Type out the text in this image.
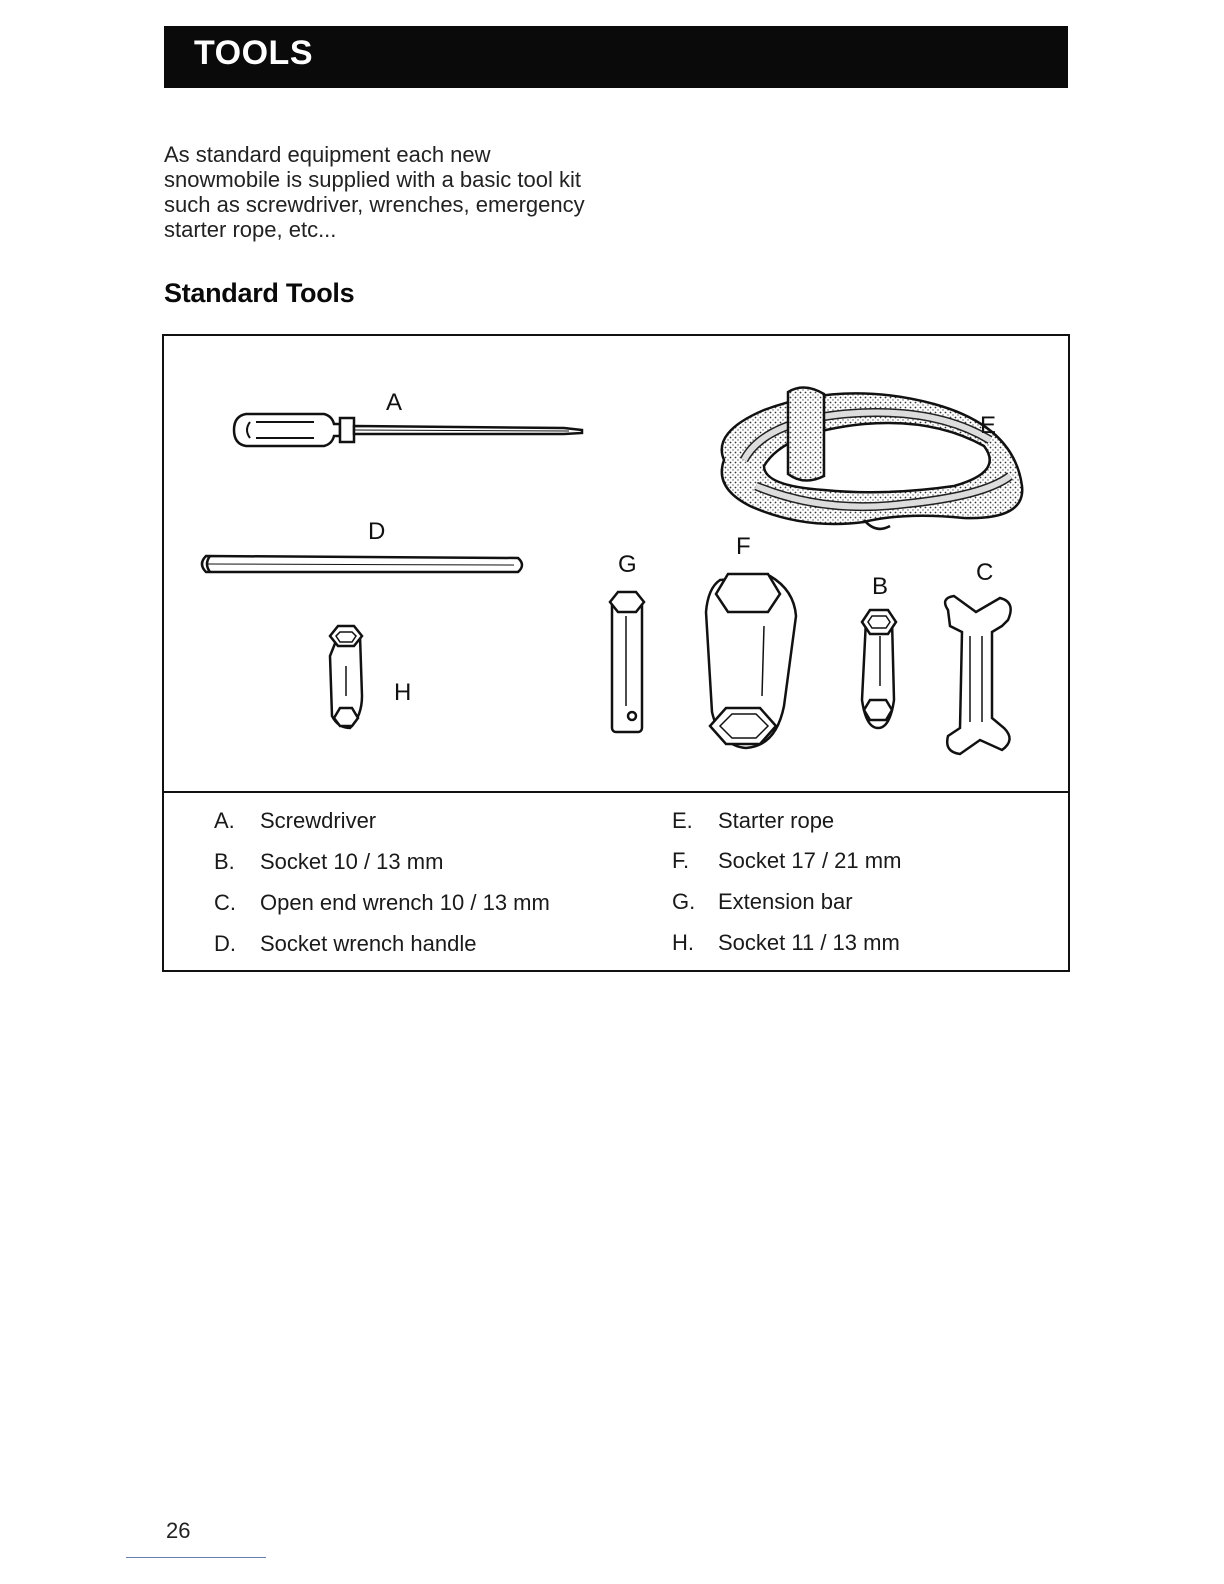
TOOLS

As standard equipment each new snowmobile is supplied with a basic tool kit such as screwdriver, wrenches, emergency starter rope, etc...

Standard Tools
A
D
H
G
F
B
C
E
A. Screwdriver
B. Socket 10 / 13 mm
C. Open end wrench 10 / 13 mm
D. Socket wrench handle
E. Starter rope
F. Socket 17 / 21 mm
G. Extension bar
H. Socket 11 / 13 mm
26
